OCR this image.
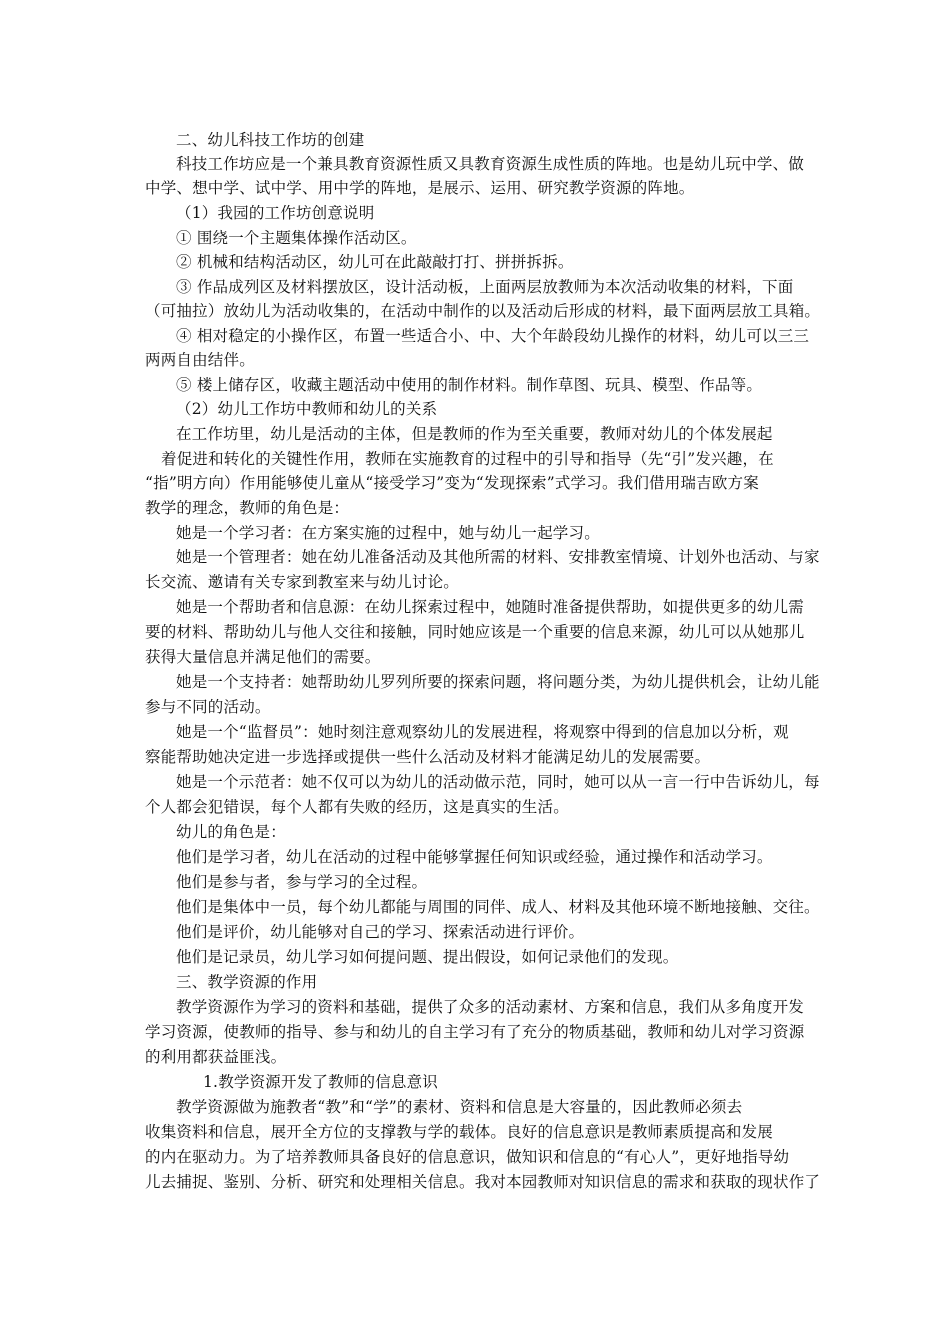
二、幼儿科技工作坊的创建
科技工作坊应是一个兼具教育资源性质又具教育资源生成性质的阵地。也是幼儿玩中学、做
中学、想中学、试中学、用中学的阵地，是展示、运用、研究教学资源的阵地。
（1）我园的工作坊创意说明
① 围绕一个主题集体操作活动区。
② 机械和结构活动区，幼儿可在此敲敲打打、拼拼拆拆。
③ 作品成列区及材料摆放区，设计活动板，上面两层放教师为本次活动收集的材料，下面
（可抽拉）放幼儿为活动收集的，在活动中制作的以及活动后形成的材料，最下面两层放工具箱。
④ 相对稳定的小操作区，布置一些适合小、中、大个年龄段幼儿操作的材料，幼儿可以三三
两两自由结伴。
⑤ 楼上储存区，收藏主题活动中使用的制作材料。制作草图、玩具、模型、作品等。
（2）幼儿工作坊中教师和幼儿的关系
在工作坊里，幼儿是活动的主体，但是教师的作为至关重要，教师对幼儿的个体发展起
着促进和转化的关键性作用，教师在实施教育的过程中的引导和指导（先“引”发兴趣，在
“指”明方向）作用能够使儿童从“接受学习”变为“发现探索”式学习。我们借用瑞吉欧方案
教学的理念，教师的角色是：
她是一个学习者：在方案实施的过程中，她与幼儿一起学习。
她是一个管理者：她在幼儿准备活动及其他所需的材料、安排教室情境、计划外也活动、与家
长交流、邀请有关专家到教室来与幼儿讨论。
她是一个帮助者和信息源：在幼儿探索过程中，她随时准备提供帮助，如提供更多的幼儿需
要的材料、帮助幼儿与他人交往和接触，同时她应该是一个重要的信息来源，幼儿可以从她那儿
获得大量信息并满足他们的需要。
她是一个支持者：她帮助幼儿罗列所要的探索问题，将问题分类，为幼儿提供机会，让幼儿能
参与不同的活动。
她是一个“监督员”：她时刻注意观察幼儿的发展进程，将观察中得到的信息加以分析，观
察能帮助她决定进一步选择或提供一些什么活动及材料才能满足幼儿的发展需要。
她是一个示范者：她不仅可以为幼儿的活动做示范，同时，她可以从一言一行中告诉幼儿，每
个人都会犯错误，每个人都有失败的经历，这是真实的生活。
幼儿的角色是：
他们是学习者，幼儿在活动的过程中能够掌握任何知识或经验，通过操作和活动学习。
他们是参与者，参与学习的全过程。
他们是集体中一员，每个幼儿都能与周围的同伴、成人、材料及其他环境不断地接触、交往。
他们是评价，幼儿能够对自己的学习、探索活动进行评价。
他们是记录员，幼儿学习如何提问题、提出假设，如何记录他们的发现。
三、教学资源的作用
教学资源作为学习的资料和基础，提供了众多的活动素材、方案和信息，我们从多角度开发
学习资源，使教师的指导、参与和幼儿的自主学习有了充分的物质基础，教师和幼儿对学习资源
的利用都获益匪浅。
1.教学资源开发了教师的信息意识
教学资源做为施教者“教”和“学”的素材、资料和信息是大容量的，因此教师必须去
收集资料和信息，展开全方位的支撑教与学的载体。良好的信息意识是教师素质提高和发展
的内在驱动力。为了培养教师具备良好的信息意识，做知识和信息的“有心人”，更好地指导幼
儿去捕捉、鉴别、分析、研究和处理相关信息。我对本园教师对知识信息的需求和获取的现状作了
